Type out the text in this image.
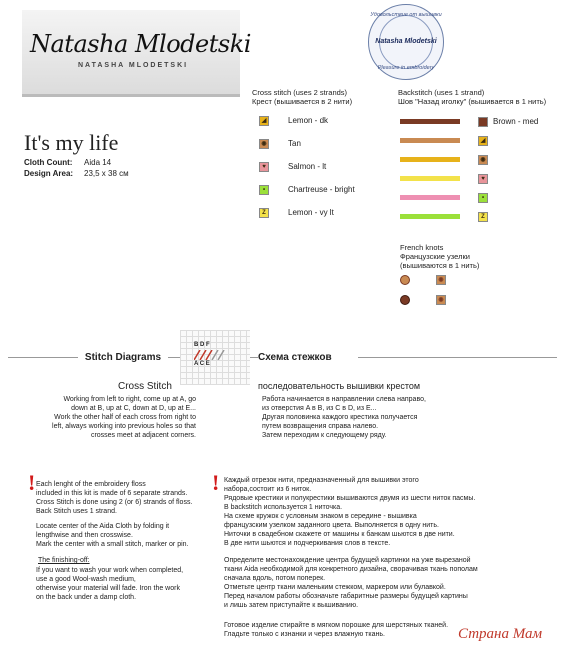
Natasha Mlodetski
NATASHA MLODETSKI
Удовольствие от вышивки
Natasha Mlodetski
Pleasure in embroidery
It's my life
Cloth Count: Aida 14
Design Area: 23,5 x 38 см
Cross stitch (uses 2 strands)
Крест (вышивается в 2 нити)
◢	Lemon - dk
◉	Tan
♥	Salmon - lt
•	Chartreuse - bright
Z	Lemon - vy lt
Backstitch (uses 1 strand)
Шов "Назад иголку" (вышивается в 1 нить)
◢
◉
♥
•
Z
Brown - med
French knots
Французские узелки
(вышиваются в 1 нить)
◉
◉
Stitch Diagrams	Схема стежков
B D F
A C E
Cross Stitch
Working from left to right, come up at A, go
down at B, up at C, down at D, up at E...
Work the other half of each cross from right to
left, always working into previous holes so that
crosses meet at adjacent corners.
последовательность вышивки крестом
Работа начинается в направлении слева направо,
из отверстия A в B, из C в D, из E...
Другая половинка каждого крестика получается
путем возвращения справа налево.
Затем переходим к следующему ряду.
! Each lenght of the embroidery floss
included in this kit is made of 6 separate strands.
Cross Stitch is done using 2 (or 6) strands of floss.
Back Stitch uses 1 strand.
Locate center of the Aida Cloth by folding it
lengthwise and then crosswise.
Mark the center with a small stitch, marker or pin.
The finishing-off:
If you want to wash your work when completed,
use a good Wool-wash medium,
otherwise your material will fade. Iron the work
on the back under a damp cloth.
! Каждый отрезок нити, предназначенный для вышивки этого
набора,состоит из 6 ниток.
Рядовые крестики и полукрестики вышиваются двумя из шести ниток пасмы.
В backstitch используется 1 ниточка.
На схеме кружок с условным знаком в середине - вышивка
французским узелком заданного цвета. Выполняется в одну нить.
Ниточки в свадебном скажете от машины к банкам шьются в две нити.
В две нити шьются и подчеркивания слов в тексте.
Определите местонахождение центра будущей картинки на уже вырезаной
ткани Aida необходимой для конкретного дизайна, сворачивая ткань пополам
сначала вдоль, потом поперек.
Отметьте центр ткани маленьким стежком, маркером или булавкой.
Перед началом работы обозначьте габаритные размеры будущей картины
и лишь затем приступайте к вышиванию.
Готовое изделие стирайте в мягком порошке для шерстяных тканей.
Гладьте только с изнанки и через влажную ткань.	Страна Мам
